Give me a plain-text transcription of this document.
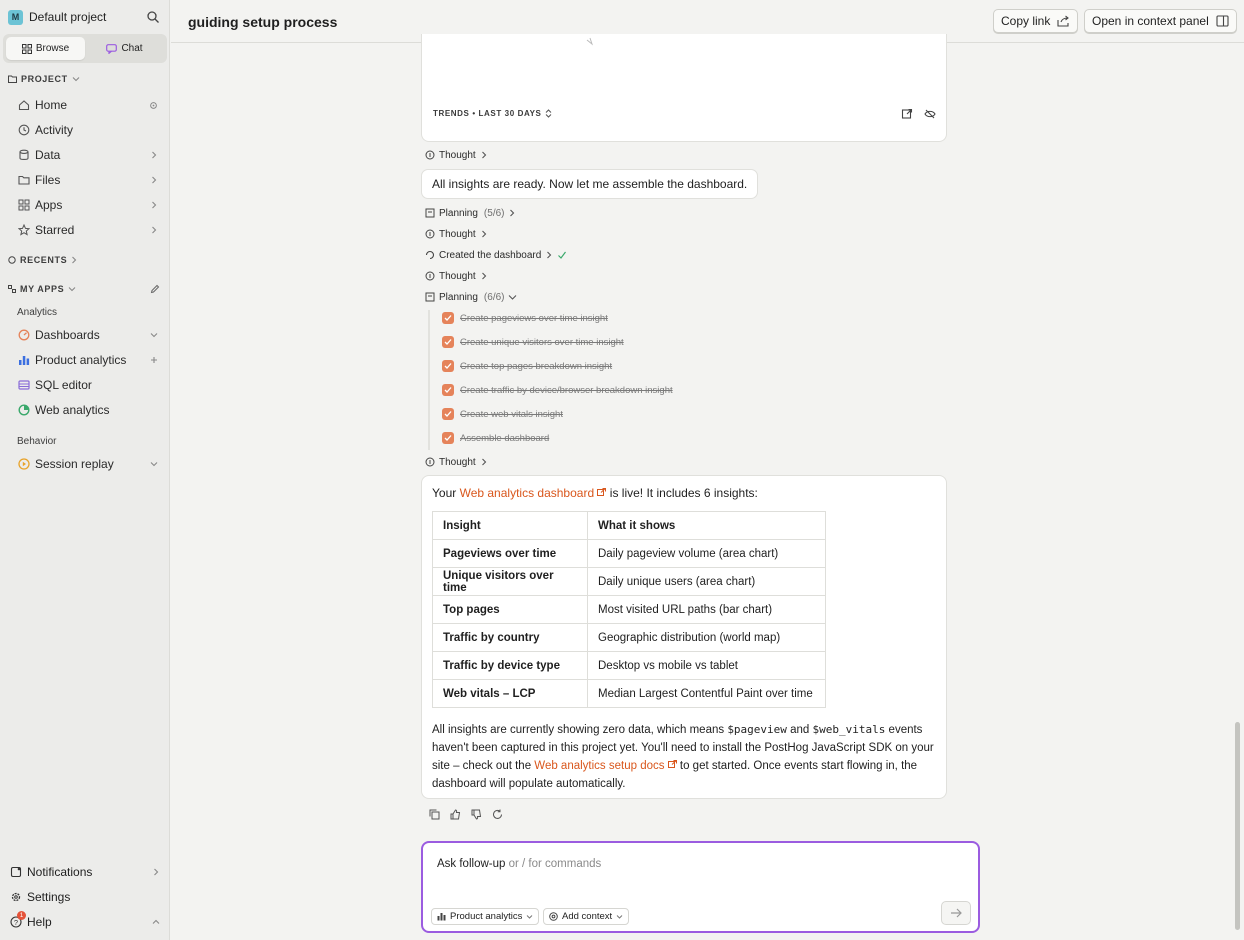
M Default project
Browse	Chat
PROJECT
Home
Activity
Data
Files
Apps
Starred
RECENTS
MY APPS
Analytics
Dashboards
Product analytics
SQL editor
Web analytics
Behavior
Session replay
Notifications
Settings
?
1 Help
guiding setup process	Copy link	Open in context panel
TRENDS • LAST 30 DAYS
Thought
All insights are ready. Now let me assemble the dashboard.
Planning (5/6)
Thought
Created the dashboard
Thought
Planning (6/6)
Create pageviews over time insight
Create unique visitors over time insight
Create top pages breakdown insight
Create traffic by device/browser breakdown insight
Create web vitals insight
Assemble dashboard
Thought
Your Web analytics dashboard  is live! It includes 6 insights:
Insight	What it shows
Pageviews over time	Daily pageview volume (area chart)
Unique visitors over time	Daily unique users (area chart)
Top pages	Most visited URL paths (bar chart)
Traffic by country	Geographic distribution (world map)
Traffic by device type	Desktop vs mobile vs tablet
Web vitals – LCP	Median Largest Contentful Paint over time
All insights are currently showing zero data, which means $pageview and $web_vitals events haven't been captured in this project yet. You'll need to install the PostHog JavaScript SDK on your site – check out the Web analytics setup docs  to get started. Once events start flowing in, the dashboard will populate automatically.
Ask follow-up or / for commands
Product analytics	Add context
